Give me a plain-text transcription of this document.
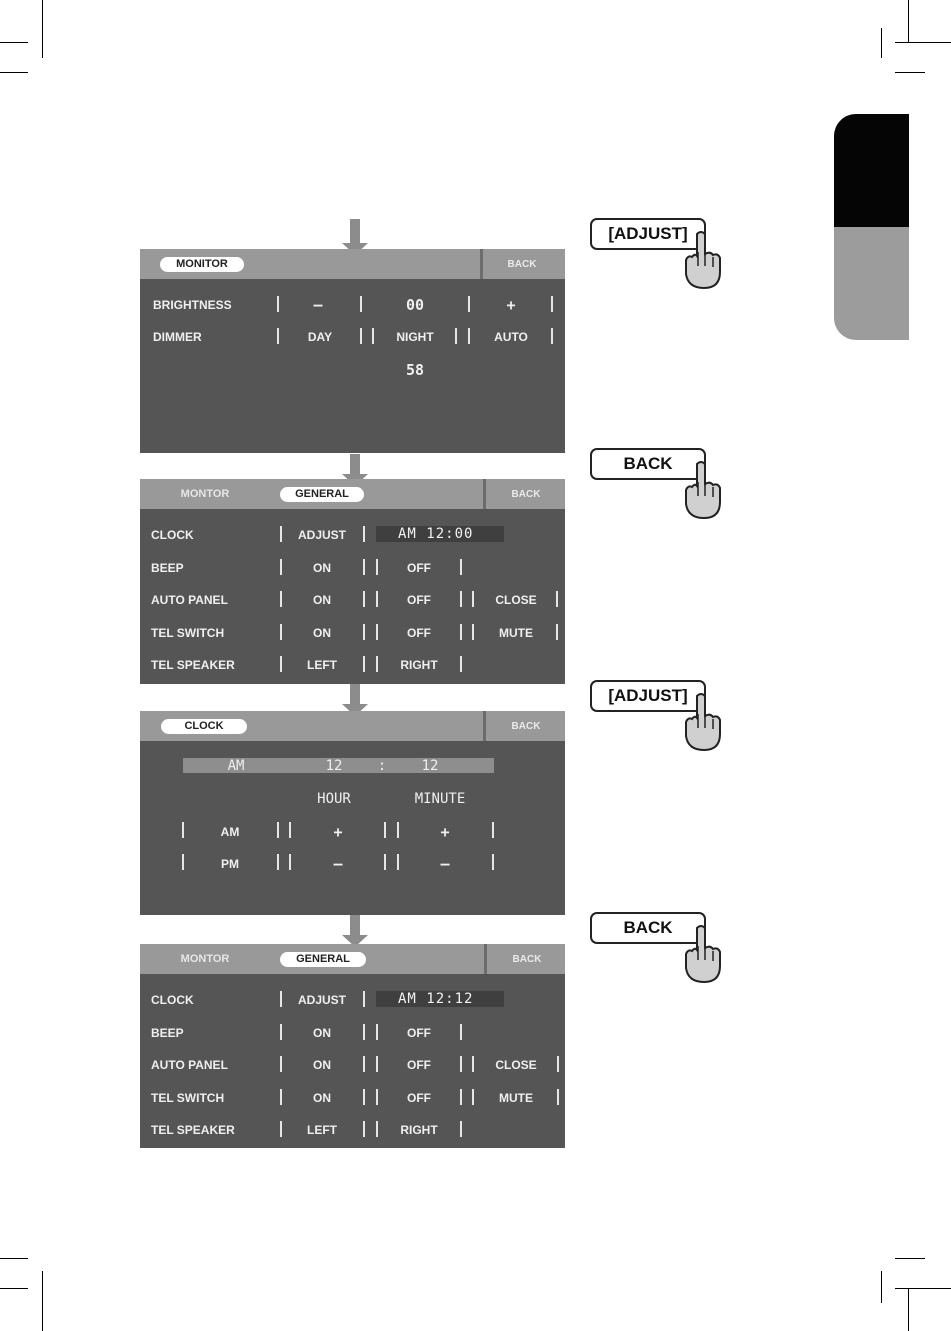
MONITOR	BACK
BRIGHTNESS	–	00	+
DIMMER	DAY	NIGHT	AUTO
58
MONTOR	GENERAL	BACK
CLOCK	ADJUST	AM 12:00
BEEP	ON	OFF
AUTO PANEL	ON	OFF	CLOSE
TEL SWITCH	ON	OFF	MUTE
TEL SPEAKER	LEFT	RIGHT
CLOCK	BACK
AM	12	:	12
HOUR	MINUTE
AM	+	+
PM	–	–
MONTOR	GENERAL	BACK
CLOCK	ADJUST	AM 12:12
BEEP	ON	OFF
AUTO PANEL	ON	OFF	CLOSE
TEL SWITCH	ON	OFF	MUTE
TEL SPEAKER	LEFT	RIGHT
[ADJUST]
BACK
[ADJUST]
BACK
